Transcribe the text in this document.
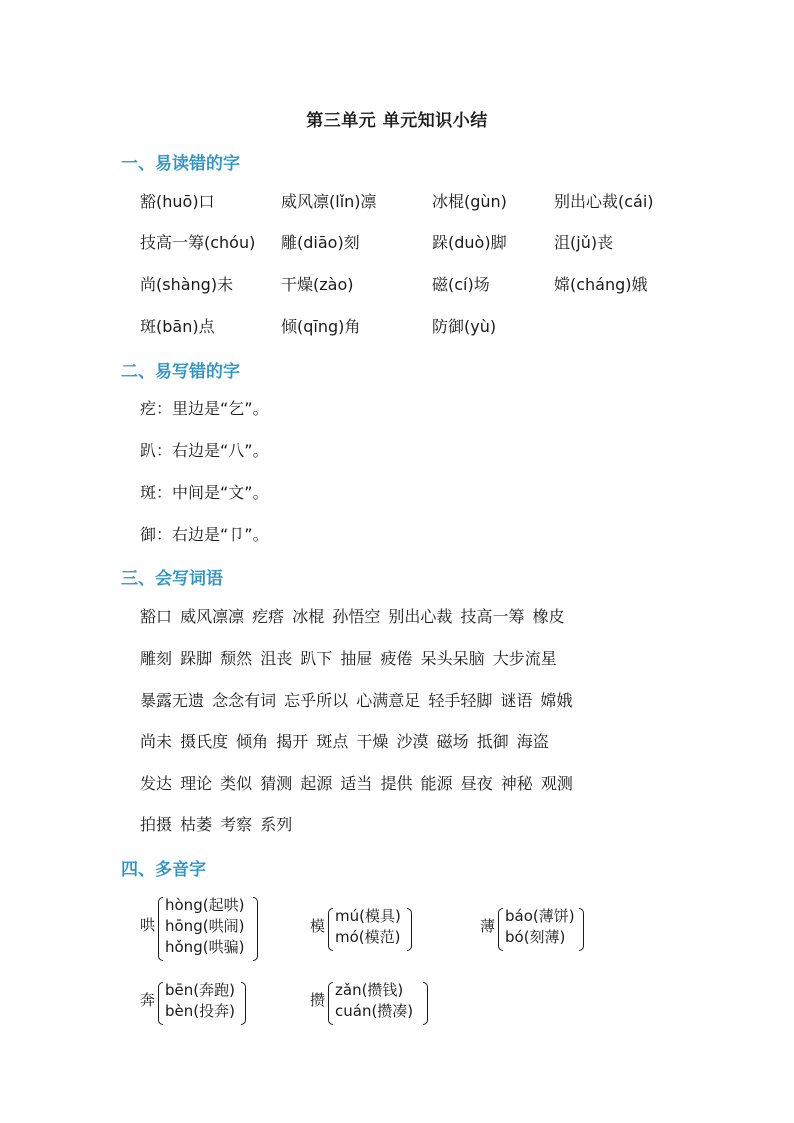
第三单元 单元知识小结
一、易读错的字
豁(huō)口	威风凛(lǐn)凛	冰棍(gùn)	别出心裁(cái)
技高一筹(chóu) 雕(diāo)刻	跺(duò)脚	沮(jǔ)丧
尚(shàng)未	干燥(zào)	磁(cí)场	嫦(cháng)娥
斑(bān)点	倾(qīng)角	防御(yù)
二、易写错的字
疙：里边是“乞”。
趴：右边是“八”。
斑：中间是“文”。
御：右边是“卩”。
三、会写词语
豁口 威风凛凛 疙瘩 冰棍 孙悟空 别出心裁 技高一筹 橡皮
雕刻 跺脚 颓然 沮丧 趴下 抽屉 疲倦 呆头呆脑 大步流星
暴露无遗 念念有词 忘乎所以 心满意足 轻手轻脚 谜语 嫦娥
尚未 摄氏度 倾角 揭开 斑点 干燥 沙漠 磁场 抵御 海盗
发达 理论 类似 猜测 起源 适当 提供 能源 昼夜 神秘 观测
拍摄 枯萎 考察 系列
四、多音字
哄
hòng(起哄)
hōng(哄闹)
hǒng(哄骗)
模
mú(模具)
mó(模范)
薄
báo(薄饼)
bó(刻薄)
奔
bēn(奔跑)
bèn(投奔)
攒
zǎn(攒钱)
cuán(攒凑)
